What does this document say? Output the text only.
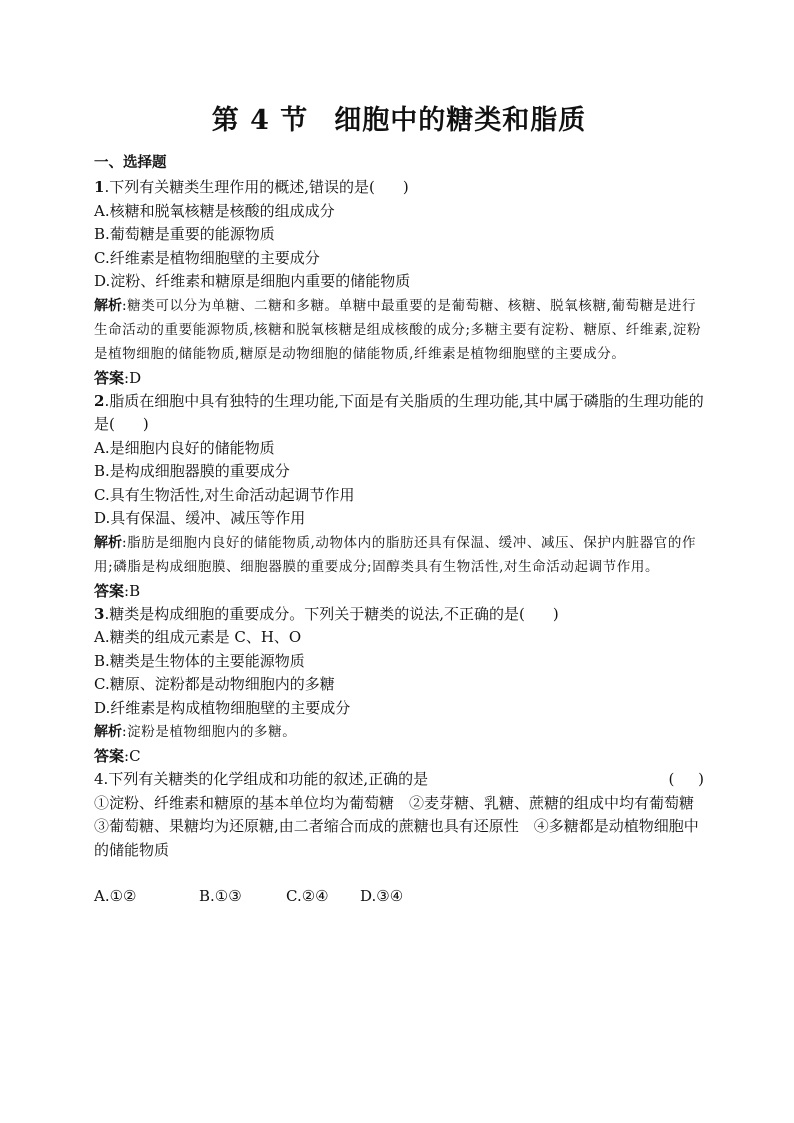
第 4 节 细胞中的糖类和脂质
一、选择题

1.下列有关糖类生理作用的概述,错误的是( )

A.核糖和脱氧核糖是核酸的组成成分

B.葡萄糖是重要的能源物质

C.纤维素是植物细胞壁的主要成分

D.淀粉、纤维素和糖原是细胞内重要的储能物质

解析:糖类可以分为单糖、二糖和多糖。单糖中最重要的是葡萄糖、核糖、脱氧核糖,葡萄糖是进行生命活动的重要能源物质,核糖和脱氧核糖是组成核酸的成分;多糖主要有淀粉、糖原、纤维素,淀粉是植物细胞的储能物质,糖原是动物细胞的储能物质,纤维素是植物细胞壁的主要成分。

答案:D

2.脂质在细胞中具有独特的生理功能,下面是有关脂质的生理功能,其中属于磷脂的生理功能的是( )

A.是细胞内良好的储能物质

B.是构成细胞器膜的重要成分

C.具有生物活性,对生命活动起调节作用

D.具有保温、缓冲、减压等作用

解析:脂肪是细胞内良好的储能物质,动物体内的脂肪还具有保温、缓冲、减压、保护内脏器官的作用;磷脂是构成细胞膜、细胞器膜的重要成分;固醇类具有生物活性,对生命活动起调节作用。

答案:B

3.糖类是构成细胞的重要成分。下列关于糖类的说法,不正确的是( )

A.糖类的组成元素是 C、H、O

B.糖类是生物体的主要能源物质

C.糖原、淀粉都是动物细胞内的多糖

D.纤维素是构成植物细胞壁的主要成分

解析:淀粉是植物细胞内的多糖。

答案:C

4.下列有关糖类的化学组成和功能的叙述,正确的是	(     )

①淀粉、纤维素和糖原的基本单位均为葡萄糖　②麦芽糖、乳糖、蔗糖的组成中均有葡萄糖　③葡萄糖、果糖均为还原糖,由二者缩合而成的蔗糖也具有还原性　④多糖都是动植物细胞中的储能物质

A.①②	B.①③	C.②④ D.③④
